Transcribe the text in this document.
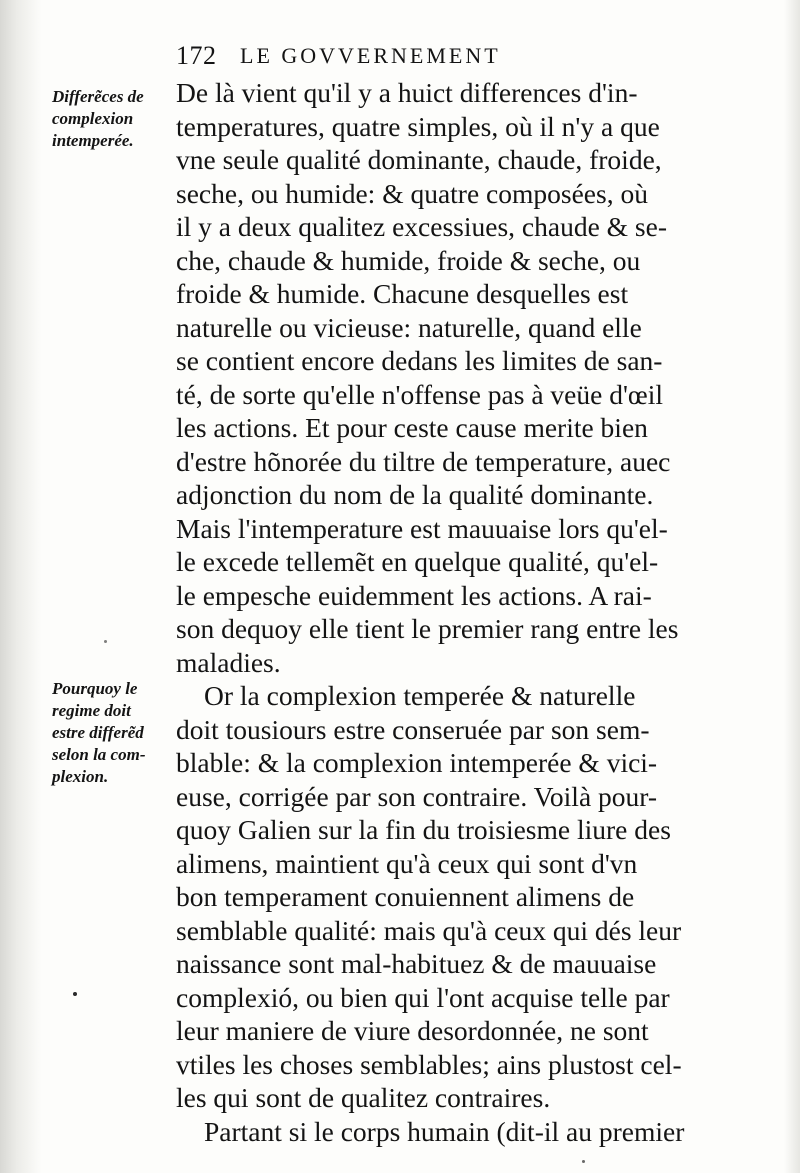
172 LE GOVVERNEMENT
Differẽces de
complexion
intemperée.
Pourquoy le
regime doit
estre differẽd
selon la com-
plexion.
De là vient qu'il y a huict differences d'in-
temperatures, quatre simples, où il n'y a que
vne seule qualité dominante, chaude, froide,
seche, ou humide: & quatre composées, où
il y a deux qualitez excessiues, chaude & se-
che, chaude & humide, froide & seche, ou
froide & humide. Chacune desquelles est
naturelle ou vicieuse: naturelle, quand elle
se contient encore dedans les limites de san-
té, de sorte qu'elle n'offense pas à veüe d'œil
les actions. Et pour ceste cause merite bien
d'estre hõnorée du tiltre de temperature, auec
adjonction du nom de la qualité dominante.
Mais l'intemperature est mauuaise lors qu'el-
le excede tellemẽt en quelque qualité, qu'el-
le empesche euidemment les actions. A rai-
son dequoy elle tient le premier rang entre les
maladies.
Or la complexion temperée & naturelle
doit tousiours estre conseruée par son sem-
blable: & la complexion intemperée & vici-
euse, corrigée par son contraire. Voilà pour-
quoy Galien sur la fin du troisiesme liure des
alimens, maintient qu'à ceux qui sont d'vn
bon temperament conuiennent alimens de
semblable qualité: mais qu'à ceux qui dés leur
naissance sont mal-habituez & de mauuaise
complexió, ou bien qui l'ont acquise telle par
leur maniere de viure desordonnée, ne sont
vtiles les choses semblables; ains plustost cel-
les qui sont de qualitez contraires.
Partant si le corps humain (dit-il au premier
